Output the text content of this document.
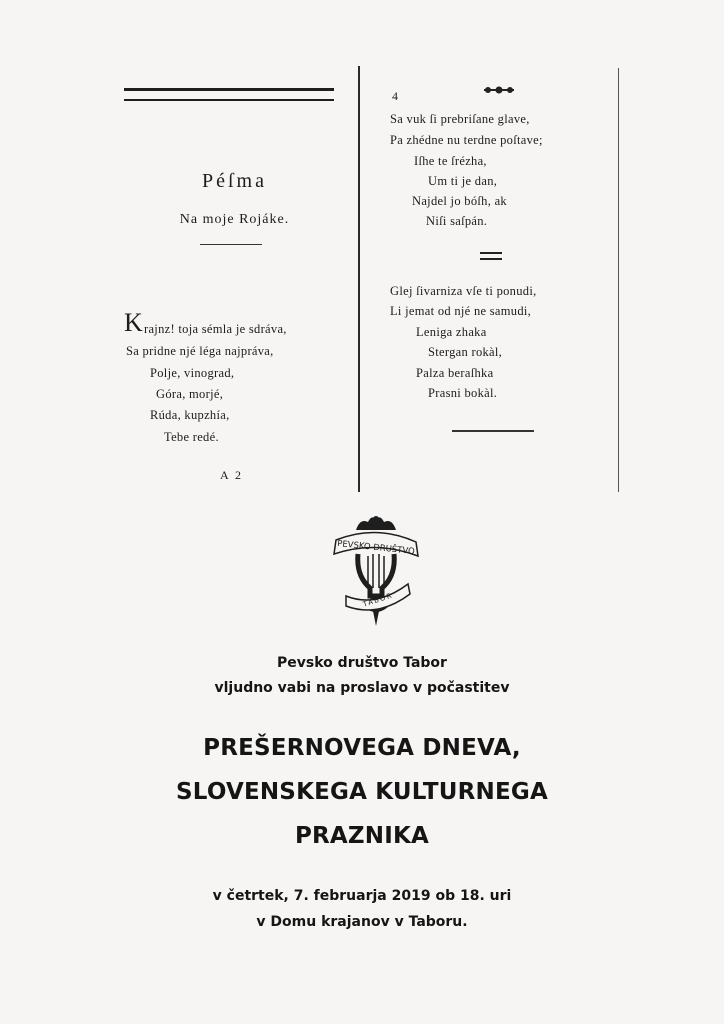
Péſma
Na moje Rojáke.
K rajnz! toja sémla je sdráva,
Sa pridne njé léga najpráva,
Polje, vinograd,
Góra, morjé,
Rúda, kupzhía,
Tebe redé.
A 2
4
Sa vuk ſi prebriſane glave,
Pa zhédne nu terdne poſtave;
Iſhe te ſrézha,
Um ti je dan,
Najdel jo bóſh, ak
Niſi saſpán.
Glej ſivarniza vſe ti ponudi,
Li jemat od njé ne samudi,
Leniga zhaka
Stergan rokàl,
Palza beraſhka
Prasni bokàl.
PEVSKO DRUŠTVO
TABOR
Pevsko društvo Tabor
vljudno vabi na proslavo v počastitev
PREŠERNOVEGA DNEVA,
SLOVENSKEGA KULTURNEGA
PRAZNIKA
v četrtek, 7. februarja 2019 ob 18. uri
v Domu krajanov v Taboru.
